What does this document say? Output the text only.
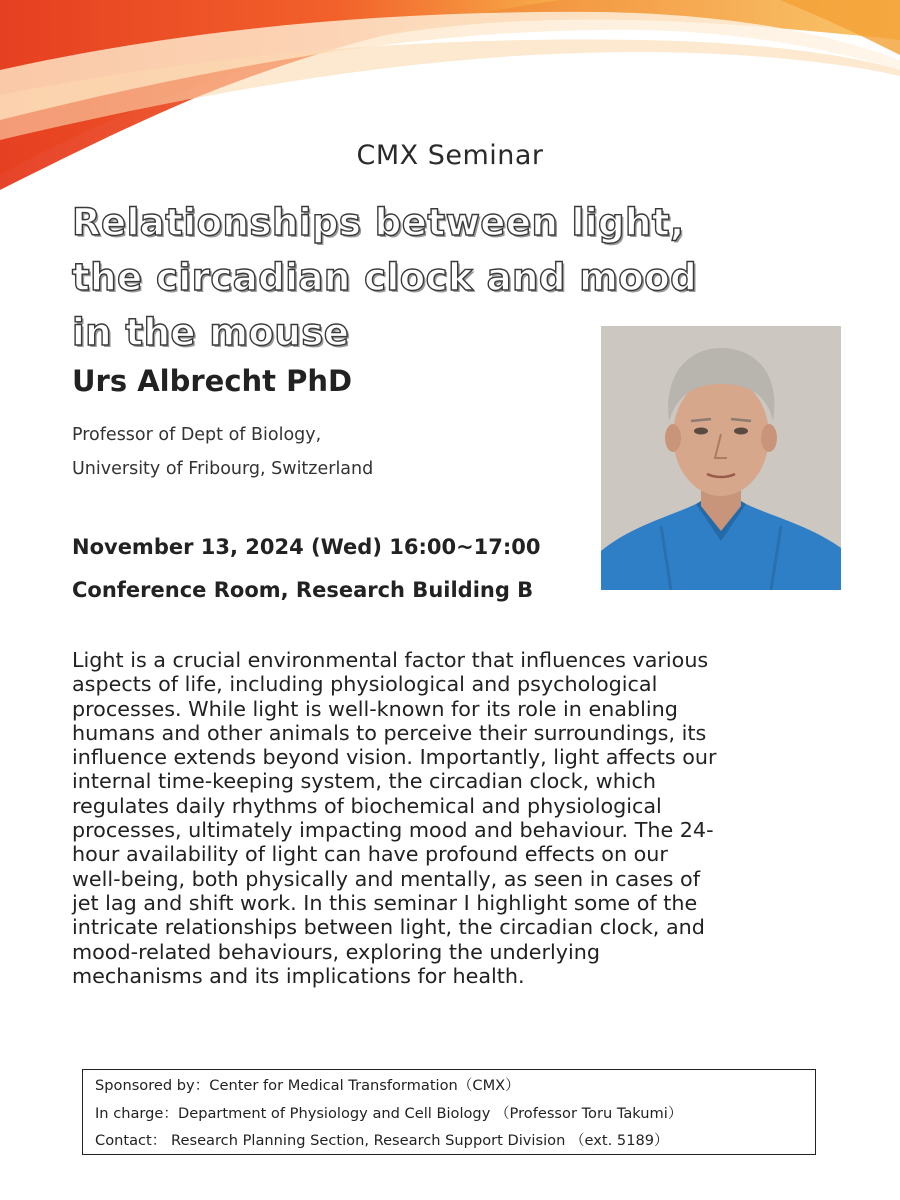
CMX Seminar
Relationships between light,
the circadian clock and mood
in the mouse
Urs Albrecht PhD
Professor of Dept of Biology,
University of Fribourg, Switzerland
November 13, 2024 (Wed) 16:00~17:00
Conference Room, Research Building B
Light is a crucial environmental factor that influences various
aspects of life, including physiological and psychological
processes. While light is well-known for its role in enabling
humans and other animals to perceive their surroundings, its
influence extends beyond vision. Importantly, light affects our
internal time-keeping system, the circadian clock, which
regulates daily rhythms of biochemical and physiological
processes, ultimately impacting mood and behaviour. The 24-
hour availability of light can have profound effects on our
well-being, both physically and mentally, as seen in cases of
jet lag and shift work. In this seminar I highlight some of the
intricate relationships between light, the circadian clock, and
mood-related behaviours, exploring the underlying
mechanisms and its implications for health.
Sponsored by：Center for Medical Transformation（CMX）
In charge：Department of Physiology and Cell Biology （Professor Toru Takumi）
Contact： Research Planning Section, Research Support Division （ext. 5189）
